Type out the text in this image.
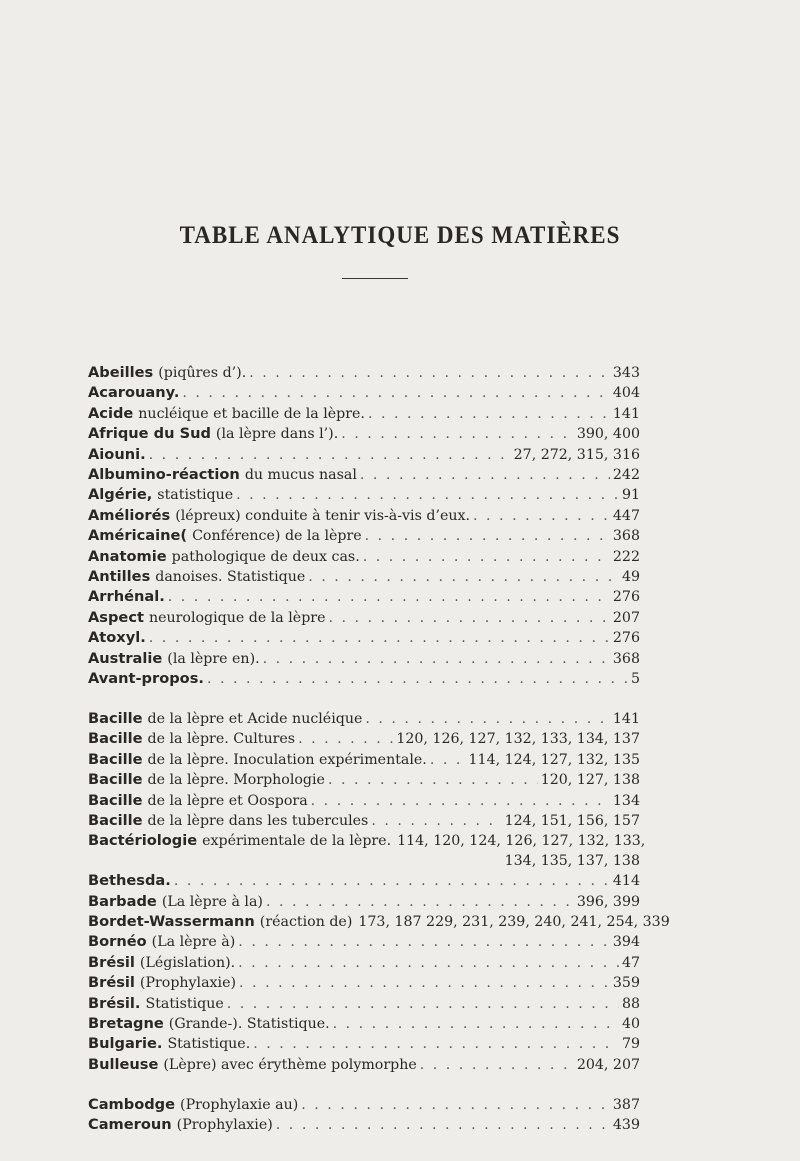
TABLE ANALYTIQUE DES MATIÈRES
Abeilles (piqûres d’). . . .	343
Acarouany. . . .	404
Acide nucléique et bacille de la lèpre. . . .	141
Afrique du Sud (la lèpre dans l’). . . .	390, 400
Aiouni. . . .	27, 272, 315, 316
Albumino-réaction du mucus nasal . . .	242
Algérie, statistique . . .	91
Améliorés (lépreux) conduite à tenir vis-à-vis d’eux. . . .	447
Américaine( Conférence) de la lèpre . . .	368
Anatomie pathologique de deux cas. . . .	222
Antilles danoises. Statistique . . .	49
Arrhénal. . . .	276
Aspect neurologique de la lèpre . . .	207
Atoxyl. . . .	276
Australie (la lèpre en). . . .	368
Avant-propos. . . .	5
Bacille de la lèpre et Acide nucléique . . .	141
Bacille de la lèpre. Cultures . . .	120, 126, 127, 132, 133, 134, 137
Bacille de la lèpre. Inoculation expérimentale. . . .	114, 124, 127, 132, 135
Bacille de la lèpre. Morphologie . . .	120, 127, 138
Bacille de la lèpre et Oospora . . .	134
Bacille de la lèpre dans les tubercules . . .	124, 151, 156, 157
Bactériologie expérimentale de la lèpre. 114, 120, 124, 126, 127, 132, 133,
134, 135, 137, 138
Bethesda. . . .	414
Barbade (La lèpre à la) . . .	396, 399
Bordet-Wassermann (réaction de) 173, 187 229, 231, 239, 240, 241, 254, 339
Bornéo (La lèpre à) . . .	394
Brésil (Législation). . . .	47
Brésil (Prophylaxie) . . .	359
Brésil. Statistique . . .	88
Bretagne (Grande-). Statistique. . . .	40
Bulgarie. Statistique. . . .	79
Bulleuse (Lèpre) avec érythème polymorphe . . .	204, 207
Cambodge (Prophylaxie au) . . .	387
Cameroun (Prophylaxie) . . .	439
